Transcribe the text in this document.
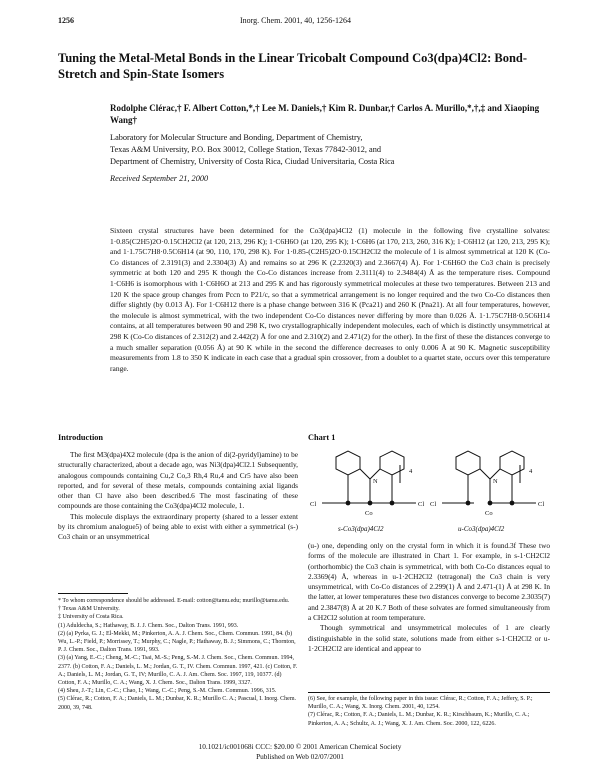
1256	Inorg. Chem. 2001, 40, 1256-1264
Tuning the Metal-Metal Bonds in the Linear Tricobalt Compound Co3(dpa)4Cl2: Bond-Stretch and Spin-State Isomers
Rodolphe Clérac,† F. Albert Cotton,*,† Lee M. Daniels,† Kim R. Dunbar,† Carlos A. Murillo,*,†,‡ and Xiaoping Wang†
Laboratory for Molecular Structure and Bonding, Department of Chemistry,
Texas A&M University, P.O. Box 30012, College Station, Texas 77842-3012, and
Department of Chemistry, University of Costa Rica, Ciudad Universitaria, Costa Rica
Received September 21, 2000
Sixteen crystal structures have been determined for the Co3(dpa)4Cl2 (1) molecule in the following five crystalline solvates: 1·0.85(C2H5)2O·0.15CH2Cl2 (at 120, 213, 296 K); 1·C6H6O (at 120, 295 K); 1·C6H6 (at 170, 213, 260, 316 K); 1·C6H12 (at 120, 213, 295 K); and 1·1.75C7H8·0.5C6H14 (at 90, 110, 170, 298 K). For 1·0.85-(C2H5)2O·0.15CH2Cl2 the molecule of 1 is almost symmetrical at 120 K (Co-Co distances of 2.3191(3) and 2.3304(3) Å) and remains so at 296 K (2.2320(3) and 2.3667(4) Å). For 1·C6H6O the Co3 chain is precisely symmetric at both 120 and 295 K though the Co-Co distances increase from 2.3111(4) to 2.3484(4) Å as the temperature rises. Compound 1·C6H6 is isomorphous with 1·C6H6O at 213 and 295 K and has rigorously symmetrical molecules at these two temperatures. Between 213 and 120 K the space group changes from Pccn to P21/c, so that a symmetrical arrangement is no longer required and the two Co-Co distances then differ slightly (by 0.013 Å). For 1·C6H12 there is a phase change between 316 K (Pca21) and 260 K (Pna21). At all four temperatures, however, the molecule is almost symmetrical, with the two independent Co-Co distances never differing by more than 0.026 Å. 1·1.75C7H8·0.5C6H14 contains, at all temperatures between 90 and 298 K, two crystallographically independent molecules, each of which is distinctly unsymmetrical at 298 K (Co-Co distances of 2.312(2) and 2.442(2) Å for one and 2.310(2) and 2.471(2) for the other). In the first of these the distances converge to a much smaller separation (0.056 Å) at 90 K while in the second the difference decreases to only 0.006 Å at 90 K. Magnetic susceptibility measurements from 1.8 to 350 K indicate in each case that a gradual spin crossover, from a doublet to a quartet state, occurs over this temperature range.
Introduction

The first M3(dpa)4X2 molecule (dpa is the anion of di(2-pyridyl)amine) to be structurally characterized, about a decade ago, was Ni3(dpa)4Cl2.1 Subsequently, analogous compounds containing Cu,2 Co,3 Rh,4 Ru,4 and Cr5 have also been reported, and for several of these metals, compounds containing axial ligands other than Cl have also been described.6 The most fascinating of these compounds are those containing the Co3(dpa)4Cl2 molecule, 1.

This molecule displays the extraordinary property (shared to a lesser extent by its chromium analogue5) of being able to exist with either a symmetrical (s-) Co3 chain or an unsymmetrical

* To whom correspondence should be addressed. E-mail: cotton@tamu.edu; murillo@tamu.edu.
† Texas A&M University.
‡ University of Costa Rica.
(1) Aduldecha, S.; Hathaway, B. J. J. Chem. Soc., Dalton Trans. 1991, 993.
(2) (a) Pyrka, G. J.; El-Mekki, M.; Pinkerton, A. A. J. Chem. Soc., Chem. Commun. 1991, 84. (b) Wu, L.-P.; Field, P.; Morrissey, T.; Murphy, C.; Nagle, P.; Hathaway, B. J.; Simmons, C.; Thornton, P. J. Chem. Soc., Dalton Trans. 1991, 993.
(3) (a) Yang, E.-C.; Cheng, M.-C.; Tsai, M.-S.; Peng, S.-M. J. Chem. Soc., Chem. Commun. 1994, 2377. (b) Cotton, F. A.; Daniels, L. M.; Jordan, G. T., IV. Chem. Commun. 1997, 421. (c) Cotton, F. A.; Daniels, L. M.; Jordan, G. T., IV; Murillo, C. A. J. Am. Chem. Soc. 1997, 119, 10377. (d) Cotton, F. A.; Murillo, C. A.; Wang, X. J. Chem. Soc., Dalton Trans. 1999, 3327.
(4) Sheu, J.-T.; Lin, C.-C.; Chao, I.; Wang, C.-C.; Peng, S.-M. Chem. Commun. 1996, 315.
(5) Clérac, R.; Cotton, F. A.; Daniels, L. M.; Dunbar, K. R.; Murillo C. A.; Pascual, I. Inorg. Chem. 2000, 39, 748.
Chart 1
Cl	Cl Cl	Cl
Co	Co
N	N
4	4
s-Co3(dpa)4Cl2	u-Co3(dpa)4Cl2

(u-) one, depending only on the crystal form in which it is found.3f These two forms of the molecule are illustrated in Chart 1. For example, in s-1·CH2Cl2 (orthorhombic) the Co3 chain is symmetrical, with both Co-Co distances equal to 2.3369(4) Å, whereas in u-1·2CH2Cl2 (tetragonal) the Co3 chain is very unsymmetrical, with Co-Co distances of 2.299(1) Å and 2.471-(1) Å at 298 K. In the latter, at lower temperatures these two distances converge to become 2.3035(7) and 2.3847(8) Å at 20 K.7 Both of these solvates are formed simultaneously from a CH2Cl2 solution at room temperature.

Though symmetrical and unsymmetrical molecules of 1 are clearly distinguishable in the solid state, solutions made from either s-1·CH2Cl2 or u-1·2CH2Cl2 are identical and appear to

(6) See, for example, the following paper in this issue: Clérac, R.; Cotton, F. A.; Jeffery, S. P.; Murillo, C. A.; Wang, X. Inorg. Chem. 2001, 40, 1254.
(7) Clérac, R.; Cotton, F. A.; Daniels, L. M.; Dunbar, K. R.; Kirschbaum, K.; Murillo, C. A.; Pinkerton, A. A.; Schultz, A. J.; Wang, X. J. Am. Chem. Soc. 2000, 122, 6226.
10.1021/ic001068i CCC: $20.00 © 2001 American Chemical Society
Published on Web 02/07/2001
